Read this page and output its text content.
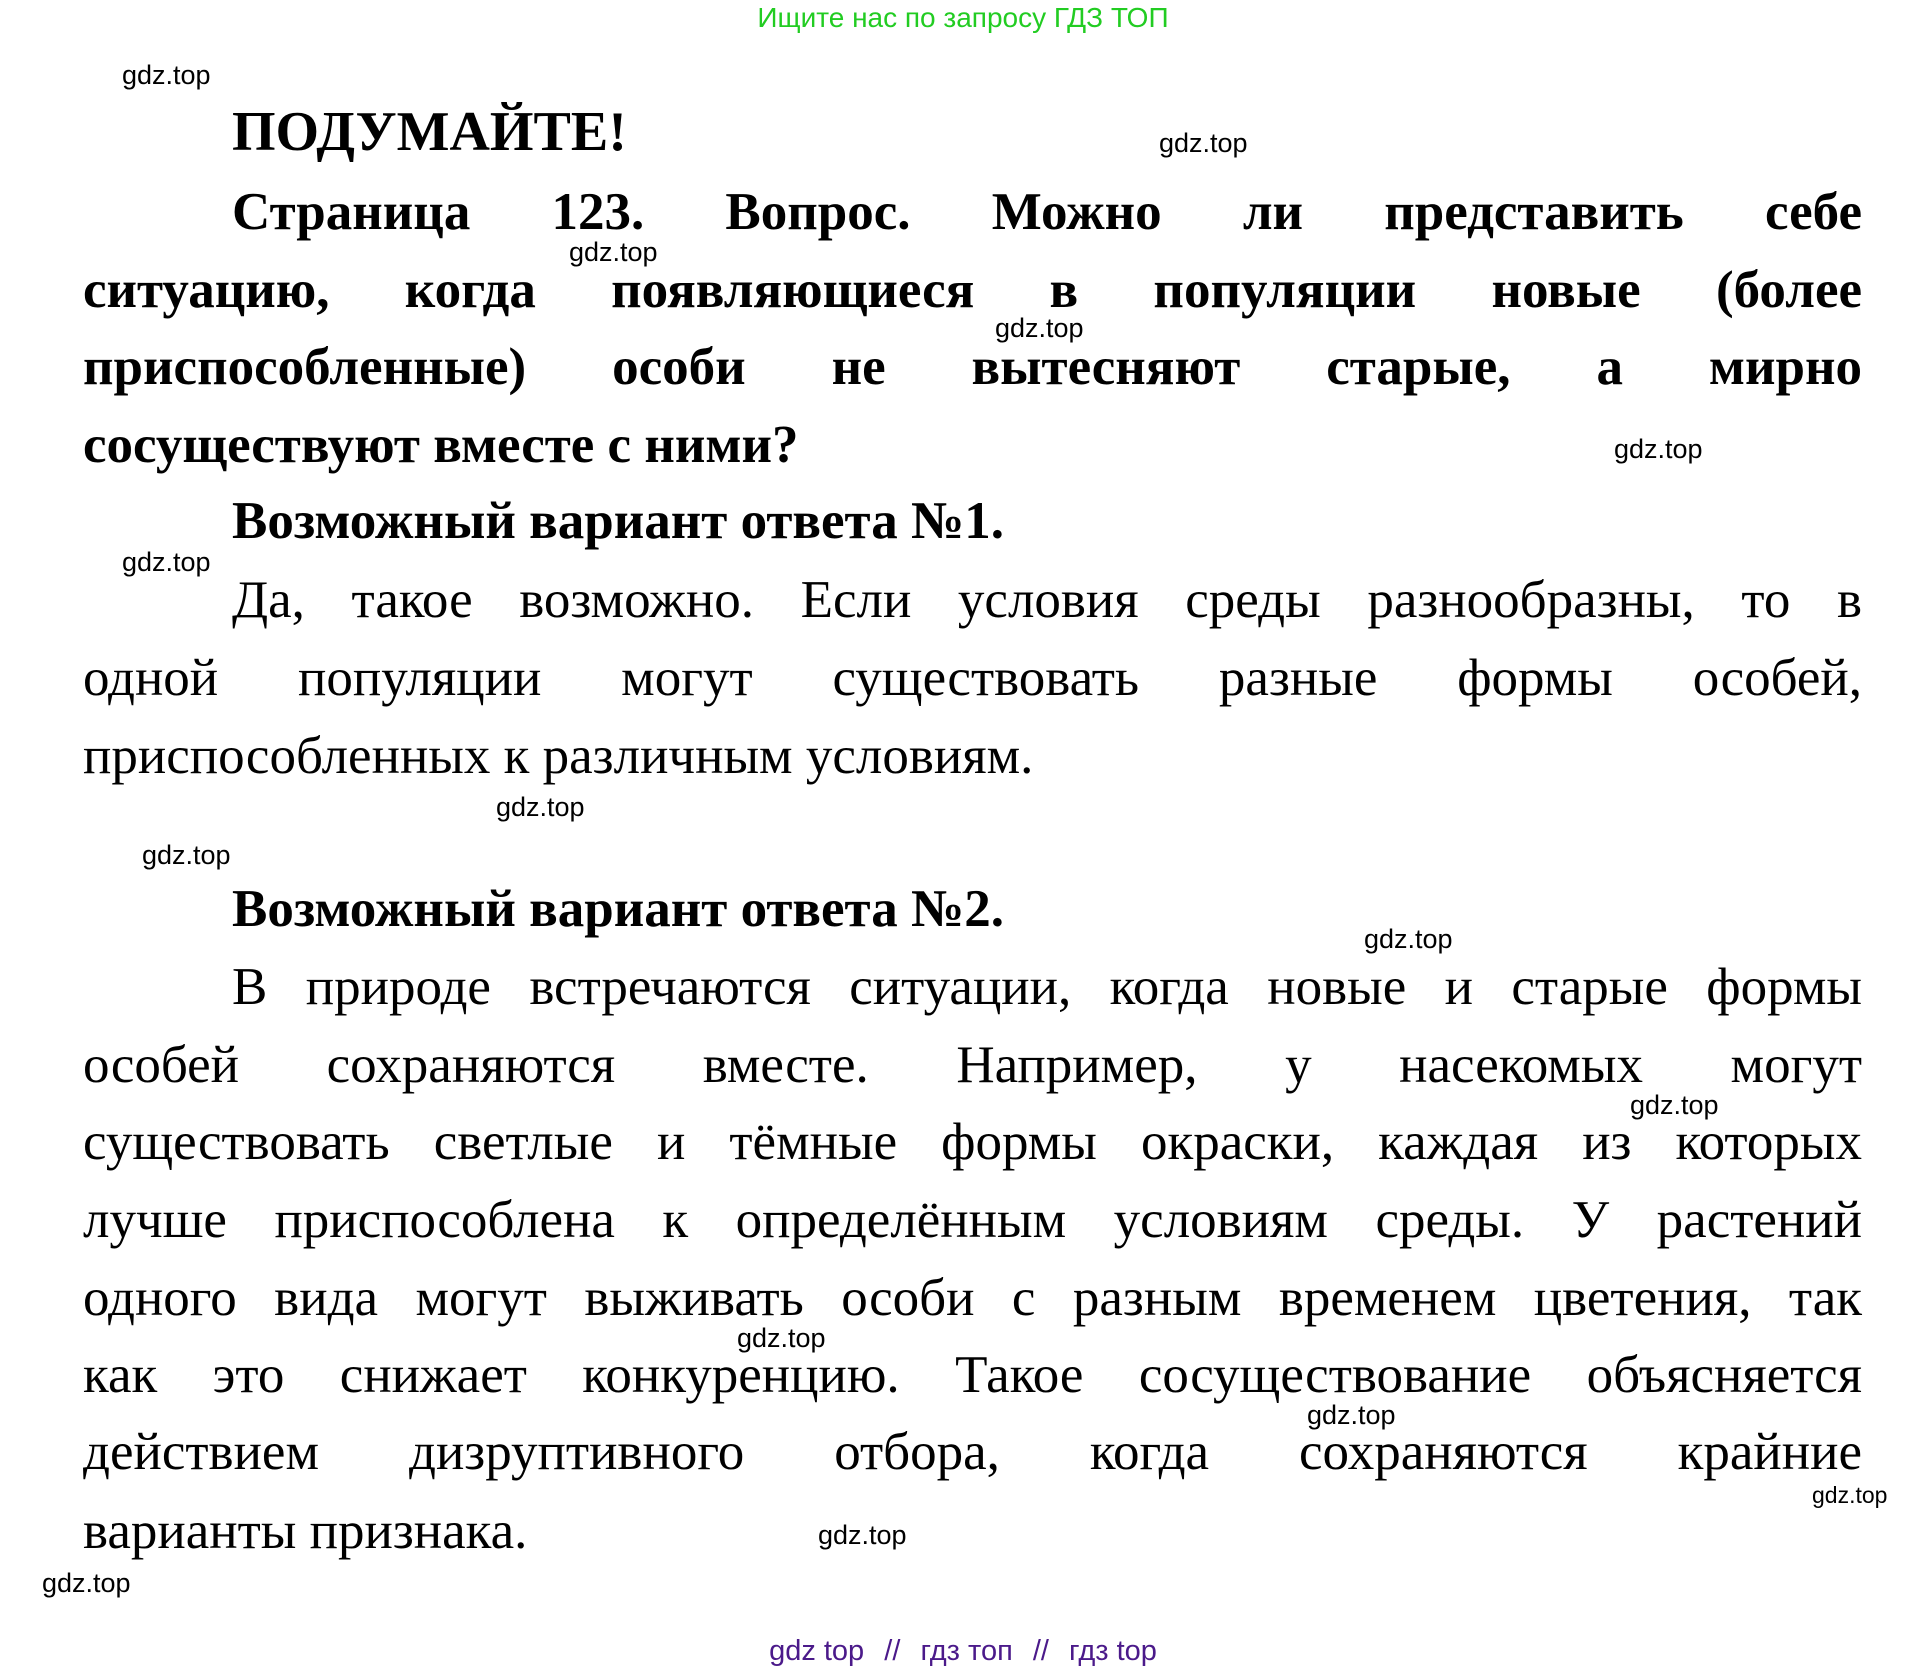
Ищите нас по запросу ГДЗ ТОП
ПОДУМАЙТЕ!
Страница 123. Вопрос. Можно ли представить себе
ситуацию, когда появляющиеся в популяции новые (более
приспособленные) особи не вытесняют старые, а мирно
сосуществуют вместе с ними?
Возможный вариант ответа №1.
Да, такое возможно. Если условия среды разнообразны, то в
одной популяции могут существовать разные формы особей,
приспособленных к различным условиям.
Возможный вариант ответа №2.
В природе встречаются ситуации, когда новые и старые формы
особей сохраняются вместе. Например, у насекомых могут
существовать светлые и тёмные формы окраски, каждая из которых
лучше приспособлена к определённым условиям среды. У растений
одного вида могут выживать особи с разным временем цветения, так
как это снижает конкуренцию. Такое сосуществование объясняется
действием дизруптивного отбора, когда сохраняются крайние
варианты признака.
gdz.top
gdz.top
gdz.top
gdz.top
gdz.top
gdz.top
gdz.top
gdz.top
gdz.top
gdz.top
gdz.top
gdz.top
gdz.top
gdz.top
gdz.top
gdz top // гдз топ // гдз top
